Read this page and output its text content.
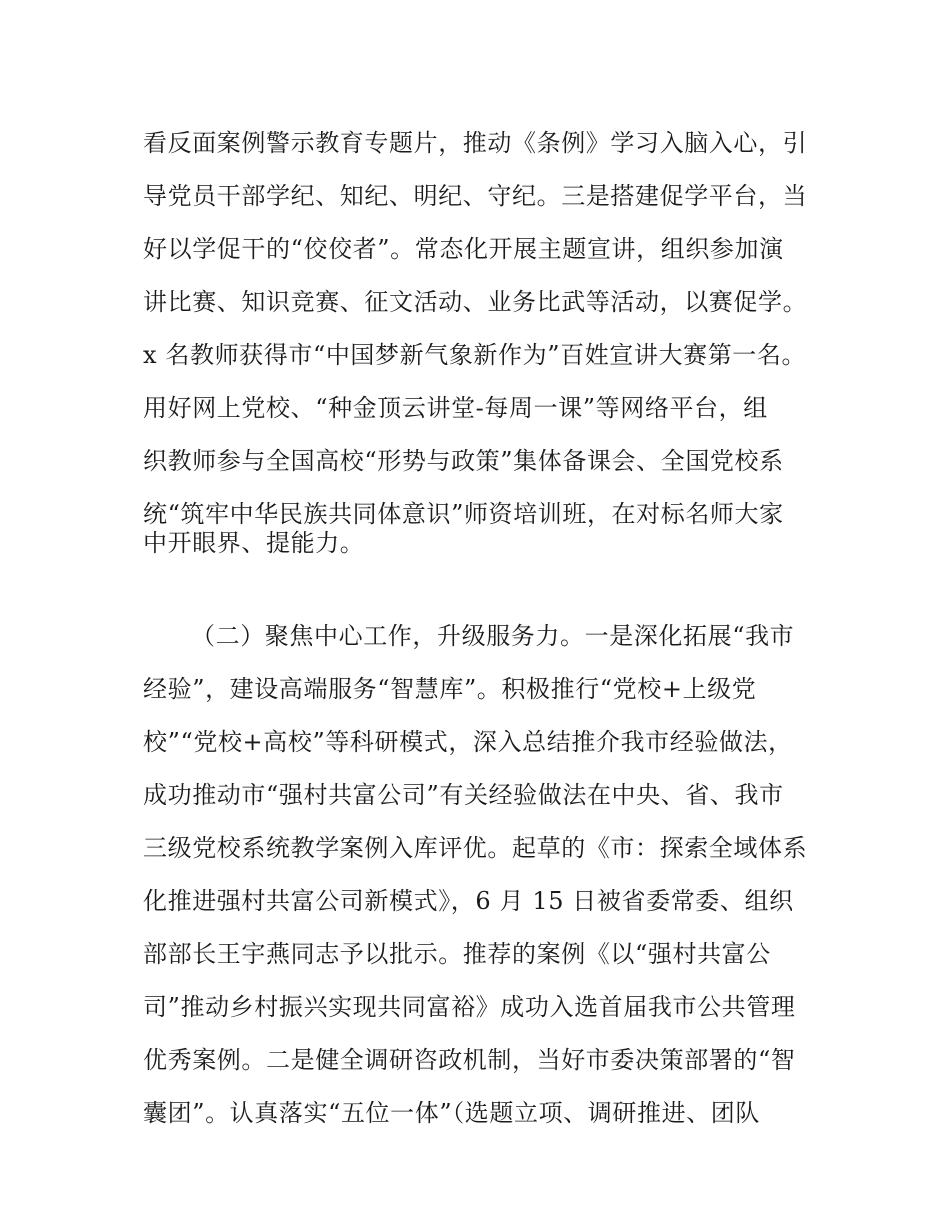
看反面案例警示教育专题片，推动《条例》学习入脑入心，引
导党员干部学纪、知纪、明纪、守纪。三是搭建促学平台，当
好以学促干的“佼佼者”。常态化开展主题宣讲，组织参加演
讲比赛、知识竞赛、征文活动、业务比武等活动，以赛促学。
x 名教师获得市“中国梦新气象新作为”百姓宣讲大赛第一名。
用好网上党校、“种金顶云讲堂-每周一课”等网络平台，组
织教师参与全国高校“形势与政策”集体备课会、全国党校系
统“筑牢中华民族共同体意识”师资培训班，在对标名师大家
中开眼界、提能力。
（二）聚焦中心工作，升级服务力。一是深化拓展“我市
经验”，建设高端服务“智慧库”。积极推行“党校+上级党
校”“党校+高校”等科研模式，深入总结推介我市经验做法，
成功推动市“强村共富公司”有关经验做法在中央、省、我市
三级党校系统教学案例入库评优。起草的《市：探索全域体系
化推进强村共富公司新模式》，6 月 15 日被省委常委、组织
部部长王宇燕同志予以批示。推荐的案例《以“强村共富公
司”推动乡村振兴实现共同富裕》成功入选首届我市公共管理
优秀案例。二是健全调研咨政机制，当好市委决策部署的“智
囊团”。认真落实“五位一体”（选题立项、调研推进、团队
